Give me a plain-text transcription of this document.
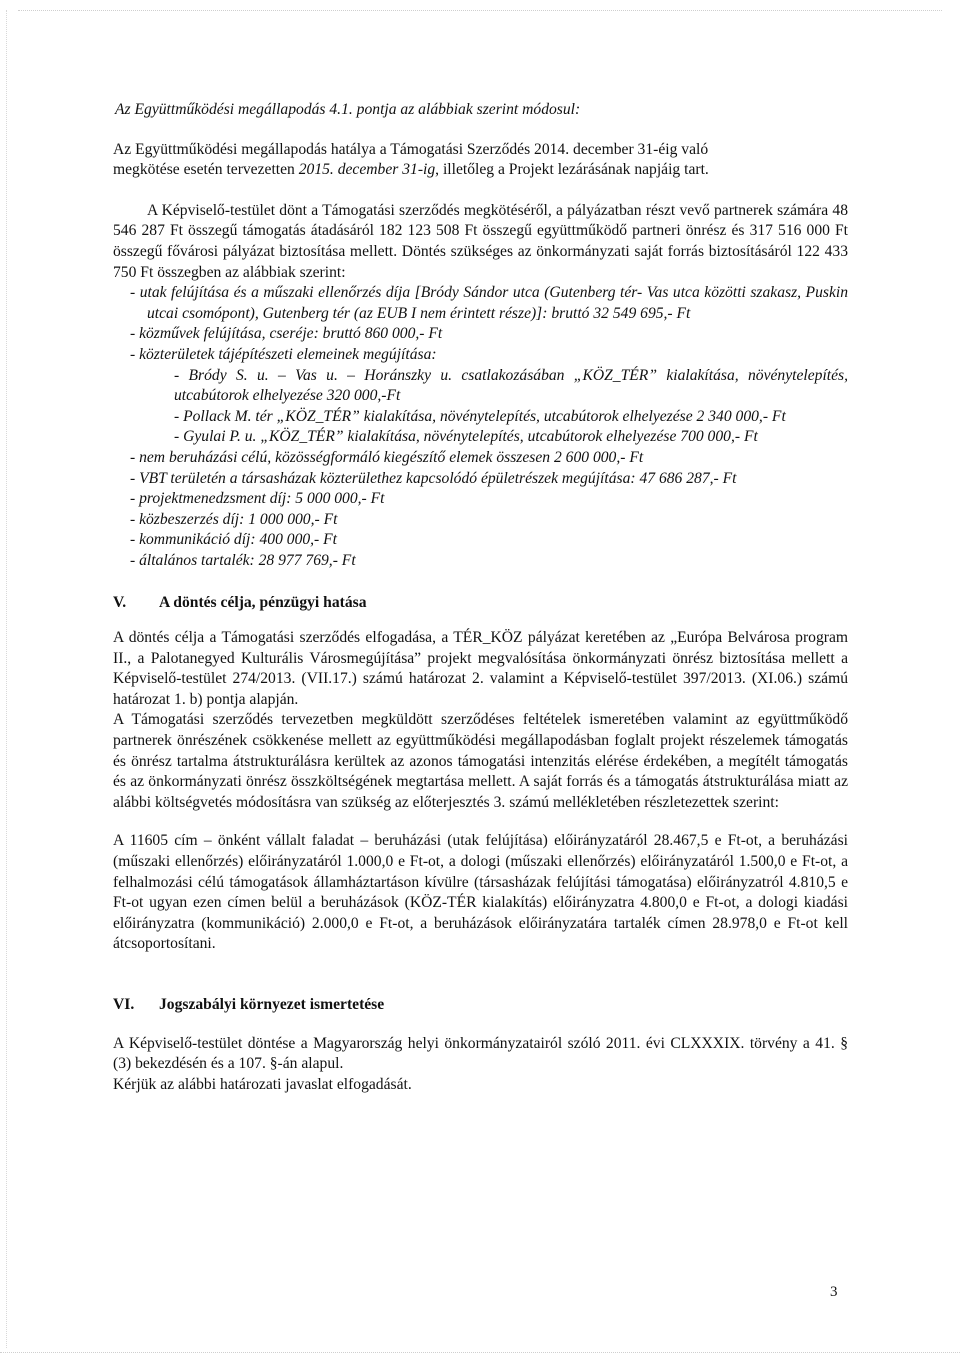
Az Együttműködési megállapodás 4.1. pontja az alábbiak szerint módosul:

Az Együttműködési megállapodás hatálya a Támogatási Szerződés 2014. december 31-éig való

megkötése esetén tervezetten 2015. december 31-ig, illetőleg a Projekt lezárásának napjáig tart.

A Képviselő-testület dönt a Támogatási szerződés megkötéséről, a pályázatban részt vevő partnerek számára 48 546 287 Ft összegű támogatás átadásáról 182 123 508 Ft összegű együttműködő partneri önrész és 317 516 000 Ft összegű fővárosi pályázat biztosítása mellett. Döntés szükséges az önkormányzati saját forrás biztosításáról 122 433 750 Ft összegben az alábbiak szerint:

- utak felújítása és a műszaki ellenőrzés díja [Bródy Sándor utca (Gutenberg tér- Vas utca közötti szakasz, Puskin utcai csomópont), Gutenberg tér (az EUB I nem érintett része)]: bruttó 32 549 695,- Ft

- közművek felújítása, cseréje: bruttó 860 000,- Ft

- közterületek tájépítészeti elemeinek megújítása:

- Bródy S. u. – Vas u. – Horánszky u. csatlakozásában „KÖZ_TÉR” kialakítása, növénytelepítés, utcabútorok elhelyezése 320 000,-Ft

- Pollack M. tér „KÖZ_TÉR” kialakítása, növénytelepítés, utcabútorok elhelyezése 2 340 000,- Ft

- Gyulai P. u. „KÖZ_TÉR” kialakítása, növénytelepítés, utcabútorok elhelyezése 700 000,- Ft

- nem beruházási célú, közösségformáló kiegészítő elemek összesen 2 600 000,- Ft

- VBT területén a társasházak közterülethez kapcsolódó épületrészek megújítása: 47 686 287,- Ft

- projektmenedzsment díj: 5 000 000,- Ft

- közbeszerzés díj: 1 000 000,- Ft

- kommunikáció díj: 400 000,- Ft

- általános tartalék: 28 977 769,- Ft

V.	A döntés célja, pénzügyi hatása

A döntés célja a Támogatási szerződés elfogadása, a TÉR_KÖZ pályázat keretében az „Európa Belvárosa program II., a Palotanegyed Kulturális Városmegújítása” projekt megvalósítása önkormányzati önrész biztosítása mellett a Képviselő-testület 274/2013. (VII.17.) számú határozat 2. valamint a Képviselő-testület 397/2013. (XI.06.) számú határozat 1. b) pontja alapján.

A Támogatási szerződés tervezetben megküldött szerződéses feltételek ismeretében valamint az együttműködő partnerek önrészének csökkenése mellett az együttműködési megállapodásban foglalt projekt részelemek támogatás és önrész tartalma átstrukturálásra kerültek az azonos támogatási intenzitás elérése érdekében, a megítélt támogatás és az önkormányzati önrész összköltségének megtartása mellett. A saját forrás és a támogatás átstrukturálása miatt az alábbi költségvetés módosításra van szükség az előterjesztés 3. számú mellékletében részletezettek szerint:

A 11605 cím – önként vállalt faladat – beruházási (utak felújítása) előirányzatáról 28.467,5 e Ft-ot, a beruházási (műszaki ellenőrzés) előirányzatáról 1.000,0 e Ft-ot, a dologi (műszaki ellenőrzés) előirányzatáról 1.500,0 e Ft-ot, a felhalmozási célú támogatások államháztartáson kívülre (társasházak felújítási támogatása) előirányzatról 4.810,5 e Ft-ot ugyan ezen címen belül a beruházások (KÖZ-TÉR kialakítás) előirányzatra 4.800,0 e Ft-ot, a dologi kiadási előirányzatra (kommunikáció) 2.000,0 e Ft-ot, a beruházások előirányzatára tartalék címen 28.978,0 e Ft-ot kell átcsoportosítani.

VI.	Jogszabályi környezet ismertetése

A Képviselő-testület döntése a Magyarország helyi önkormányzatairól szóló 2011. évi CLXXXIX. törvény a 41. § (3) bekezdésén és a 107. §-án alapul.

Kérjük az alábbi határozati javaslat elfogadását.

3
